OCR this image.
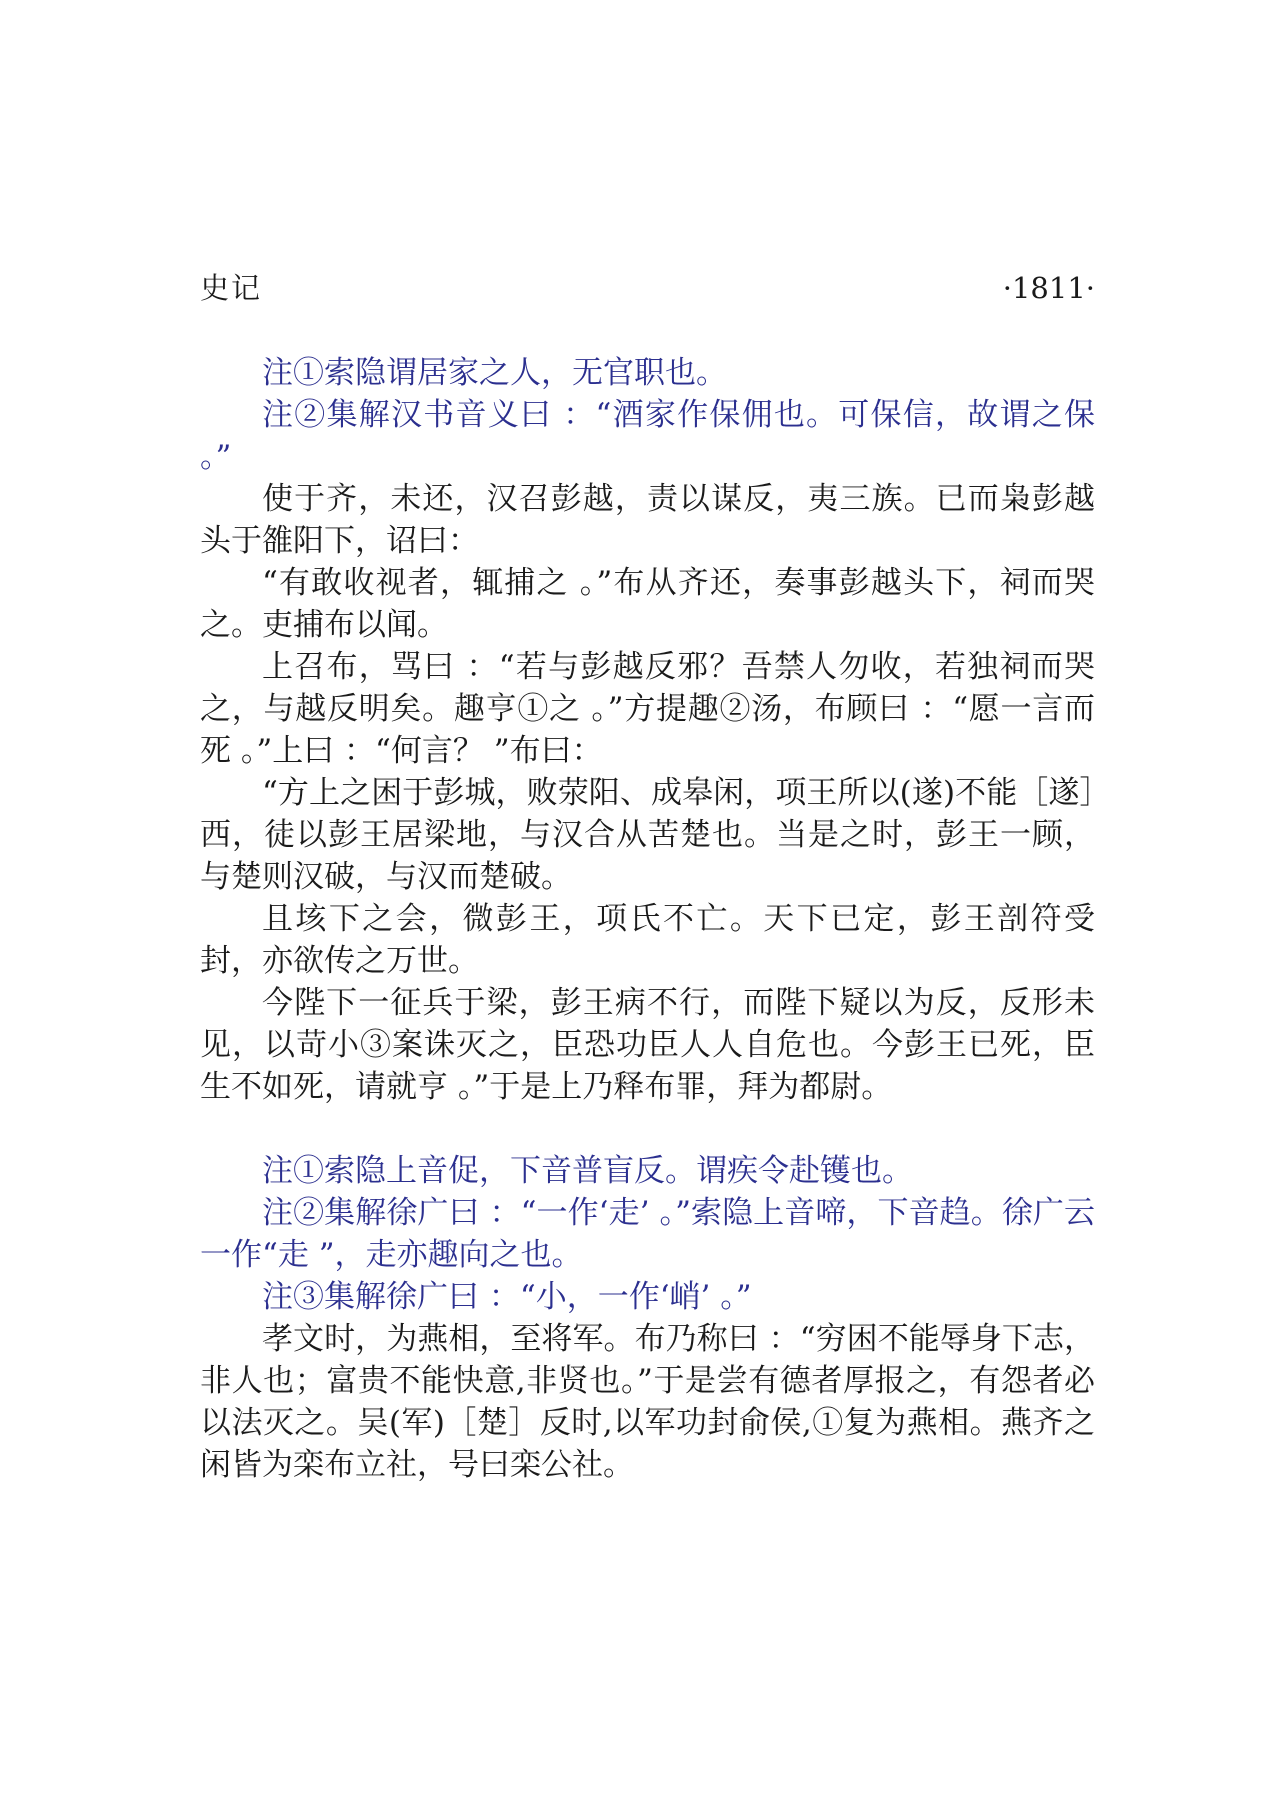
史记	·1811·

注①索隐谓居家之人，无官职也。

注②集解汉书音义曰 ：“酒家作保佣也。可保信，故谓之保 。”

使于齐，未还，汉召彭越，责以谋反，夷三族。已而枭彭越头于雒阳下，诏曰：

“有敢收视者，辄捕之 。”布从齐还，奏事彭越头下，祠而哭之。吏捕布以闻。

上召布，骂曰 ：“若与彭越反邪？吾禁人勿收，若独祠而哭之，与越反明矣。趣亨①之 。”方提趣②汤，布顾曰 ：“愿一言而死 。”上曰 ：“何言？ ”布曰：

“方上之困于彭城，败荥阳、成皋闲，项王所以(遂)不能［遂］西，徒以彭王居梁地，与汉合从苦楚也。当是之时，彭王一顾，与楚则汉破，与汉而楚破。

且垓下之会，微彭王，项氏不亡。天下已定，彭王剖符受封，亦欲传之万世。

今陛下一征兵于梁，彭王病不行，而陛下疑以为反，反形未见，以苛小③案诛灭之，臣恐功臣人人自危也。今彭王已死，臣生不如死，请就亨 。”于是上乃释布罪，拜为都尉。

注①索隐上音促，下音普盲反。谓疾令赴镬也。

注②集解徐广曰 ：“一作‘走’ 。”索隐上音啼，下音趋。徐广云一作“走 ”，走亦趣向之也。

注③集解徐广曰 ：“小，一作‘峭’ 。”

孝文时，为燕相，至将军。布乃称曰 ：“穷困不能辱身下志，非人也；富贵不能快意,非贤也。”于是尝有德者厚报之，有怨者必以法灭之。吴(军)［楚］反时,以军功封俞侯,①复为燕相。燕齐之闲皆为栾布立社，号曰栾公社。
